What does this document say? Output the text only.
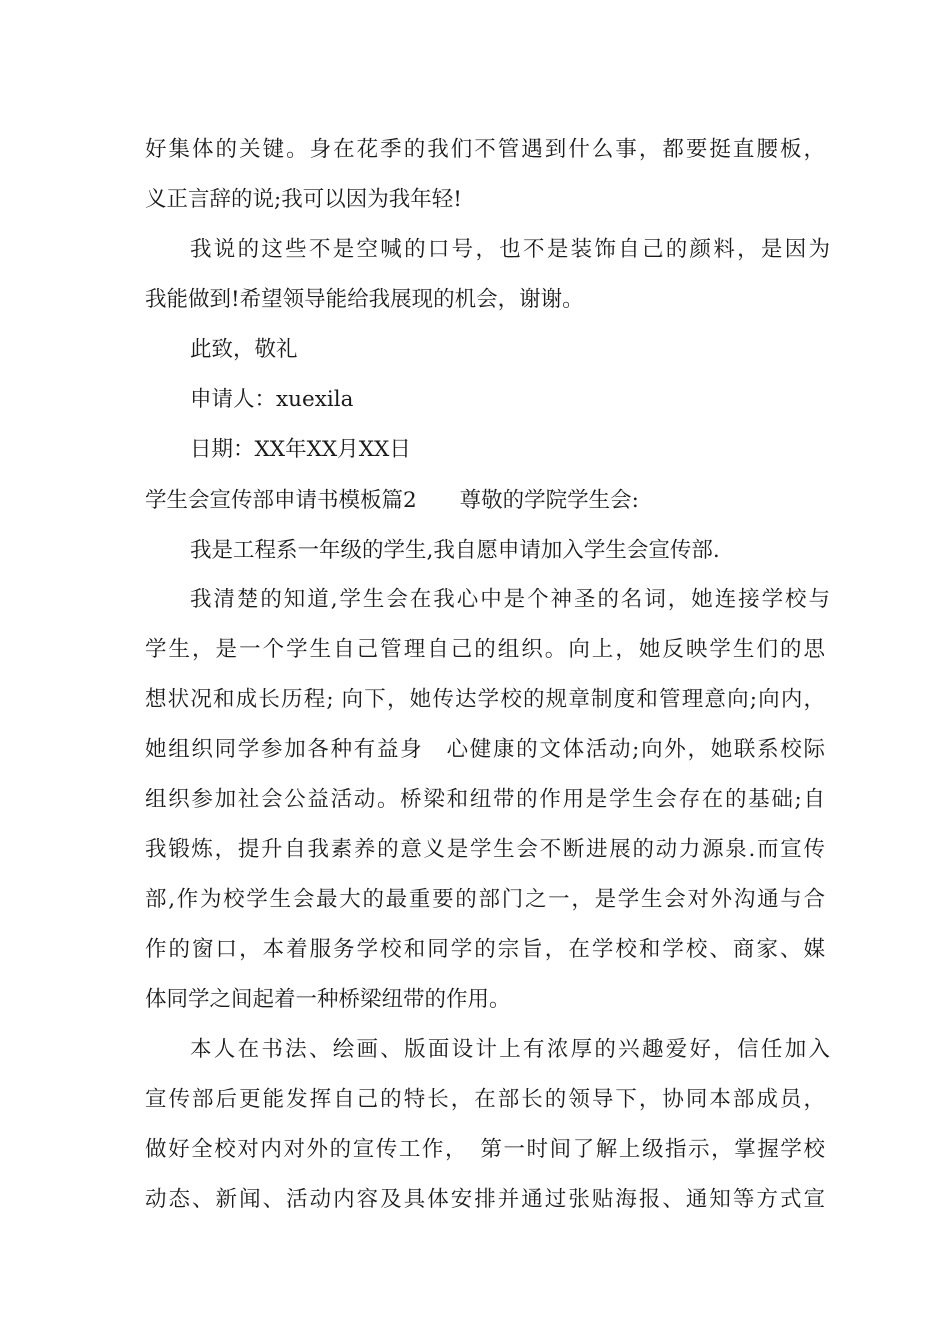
好集体的关键。身在花季的我们不管遇到什么事，都要挺直腰板，
义正言辞的说;我可以因为我年轻!
我说的这些不是空喊的口号，也不是装饰自己的颜料，是因为
我能做到!希望领导能给我展现的机会，谢谢。
此致，敬礼
申请人：xuexila
日期：XX年XX月XX日
学生会宣传部申请书模板篇2　　尊敬的学院学生会:
我是工程系一年级的学生,我自愿申请加入学生会宣传部.
我清楚的知道,学生会在我心中是个神圣的名词，她连接学校与
学生，是一个学生自己管理自己的组织。向上，她反映学生们的思
想状况和成长历程; 向下，她传达学校的规章制度和管理意向;向内，
她组织同学参加各种有益身　心健康的文体活动;向外，她联系校际
组织参加社会公益活动。桥梁和纽带的作用是学生会存在的基础;自
我锻炼，提升自我素养的意义是学生会不断进展的动力源泉.而宣传
部,作为校学生会最大的最重要的部门之一，是学生会对外沟通与合
作的窗口，本着服务学校和同学的宗旨，在学校和学校、商家、媒
体同学之间起着一种桥梁纽带的作用。
本人在书法、绘画、版面设计上有浓厚的兴趣爱好，信任加入
宣传部后更能发挥自己的特长，在部长的领导下，协同本部成员，
做好全校对内对外的宣传工作，　第一时间了解上级指示，掌握学校
动态、新闻、活动内容及具体安排并通过张贴海报、通知等方式宣
